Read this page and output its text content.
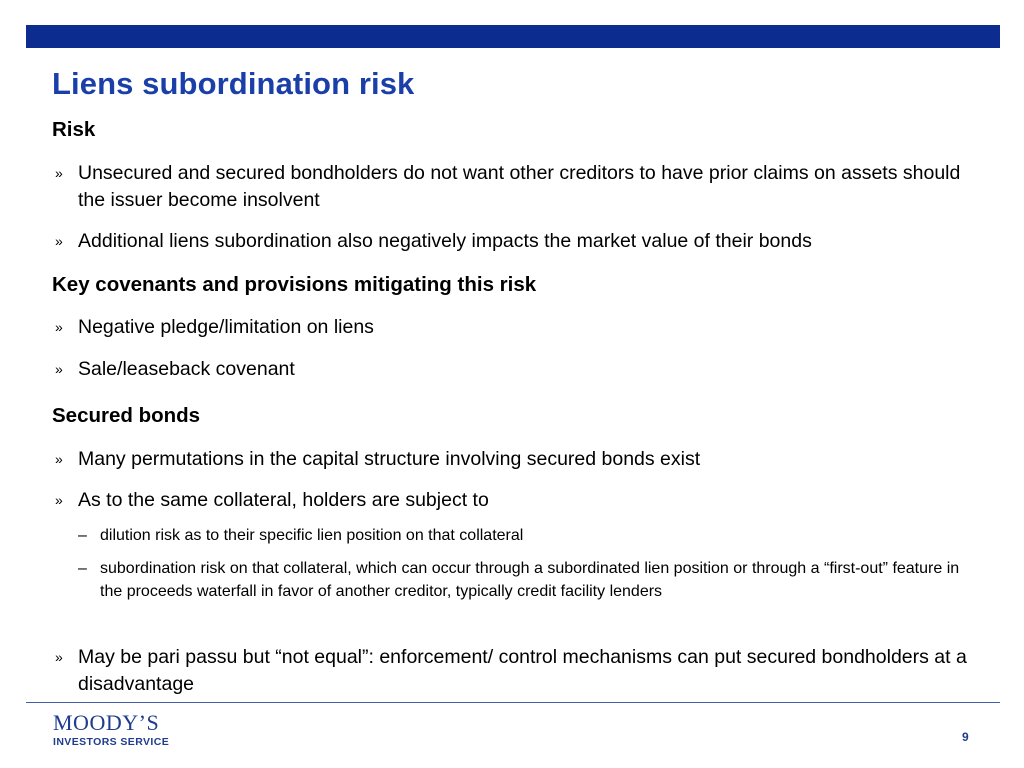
Liens subordination risk
Risk
» Unsecured and secured bondholders do not want other creditors to have prior claims on assets should the issuer become insolvent
» Additional liens subordination also negatively impacts the market value of their bonds
Key covenants and provisions mitigating this risk
» Negative pledge/limitation on liens
» Sale/leaseback covenant
Secured bonds
» Many permutations in the capital structure involving secured bonds exist
» As to the same collateral, holders are subject to
– dilution risk as to their specific lien position on that collateral
– subordination risk on that collateral, which can occur through a subordinated lien position or through a “first-out” feature in the proceeds waterfall in favor of another creditor, typically credit facility lenders
» May be pari passu but “not equal”: enforcement/ control mechanisms can put secured bondholders at a disadvantage
MOODY’S
INVESTORS SERVICE	9
